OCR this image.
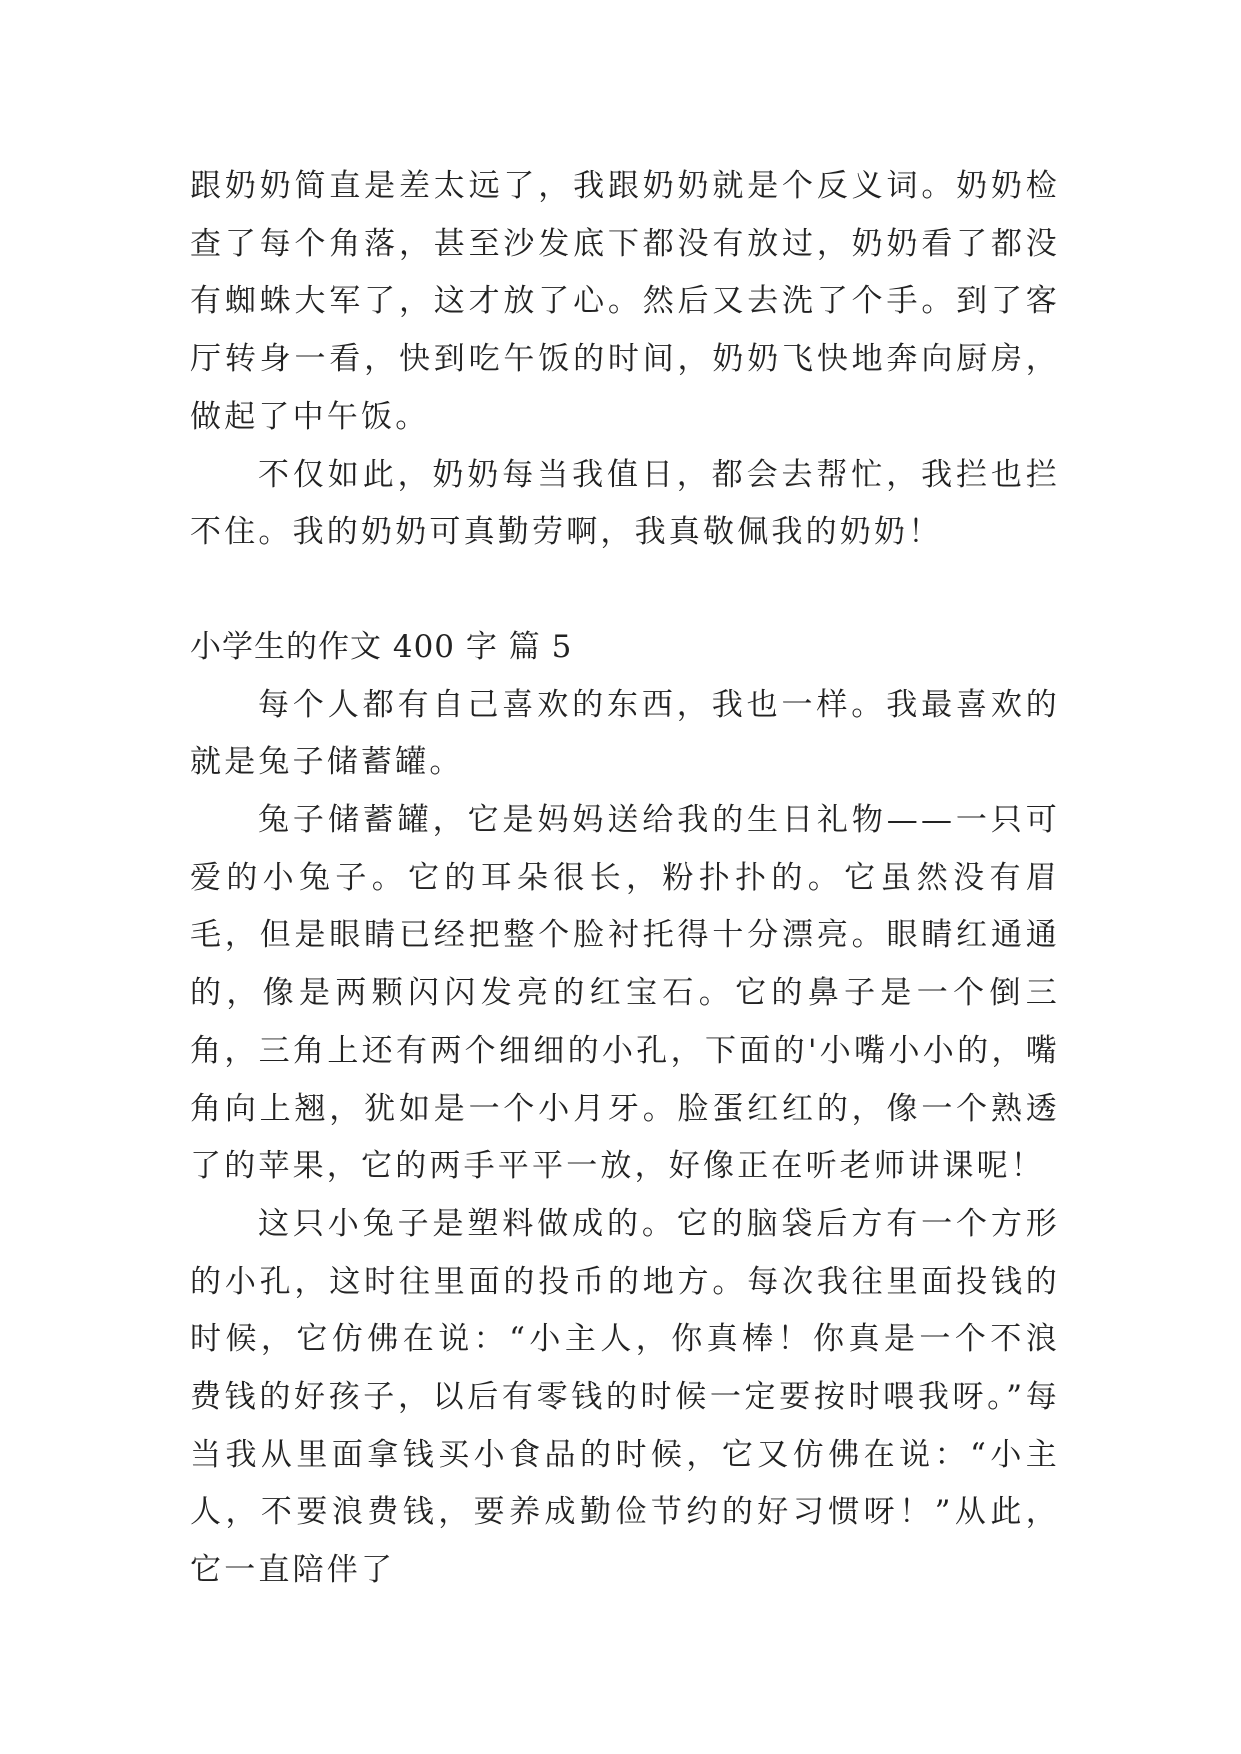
跟奶奶简直是差太远了，我跟奶奶就是个反义词。奶奶检查了每个角落，甚至沙发底下都没有放过，奶奶看了都没有蜘蛛大军了，这才放了心。然后又去洗了个手。到了客厅转身一看，快到吃午饭的时间，奶奶飞快地奔向厨房，做起了中午饭。

不仅如此，奶奶每当我值日，都会去帮忙，我拦也拦不住。我的奶奶可真勤劳啊，我真敬佩我的奶奶！

小学生的作文 400 字 篇 5

每个人都有自己喜欢的东西，我也一样。我最喜欢的就是兔子储蓄罐。

兔子储蓄罐，它是妈妈送给我的生日礼物——一只可爱的小兔子。它的耳朵很长，粉扑扑的。它虽然没有眉毛，但是眼睛已经把整个脸衬托得十分漂亮。眼睛红通通的，像是两颗闪闪发亮的红宝石。它的鼻子是一个倒三角，三角上还有两个细细的小孔，下面的'小嘴小小的，嘴角向上翘，犹如是一个小月牙。脸蛋红红的，像一个熟透了的苹果，它的两手平平一放，好像正在听老师讲课呢！

这只小兔子是塑料做成的。它的脑袋后方有一个方形的小孔，这时往里面的投币的地方。每次我往里面投钱的时候，它仿佛在说：“小主人，你真棒！你真是一个不浪费钱的好孩子，以后有零钱的时候一定要按时喂我呀。”每当我从里面拿钱买小食品的时候，它又仿佛在说：“小主人，不要浪费钱，要养成勤俭节约的好习惯呀！”从此，它一直陪伴了
